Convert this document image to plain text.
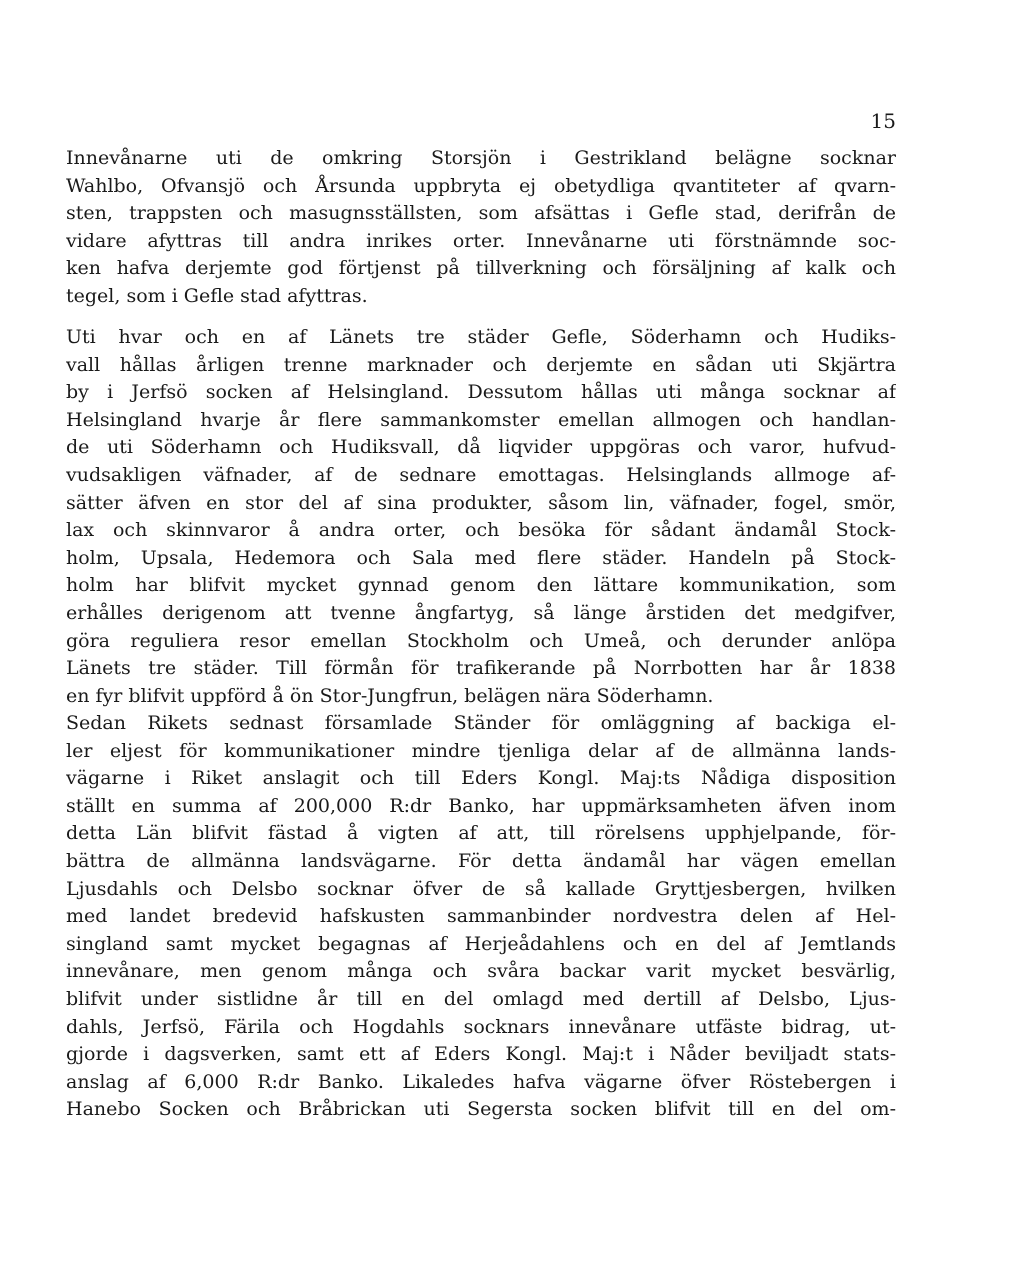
15
Innevånarne uti de omkring Storsjön i Gestrikland belägne socknar
Wahlbo, Ofvansjö och Årsunda uppbryta ej obetydliga qvantiteter af qvarn-
sten, trappsten och masugnsställsten, som afsättas i Gefle stad, derifrån de
vidare afyttras till andra inrikes orter. Innevånarne uti förstnämnde soc-
ken hafva derjemte god förtjenst på tillverkning och försäljning af kalk och
tegel, som i Gefle stad afyttras.
Uti hvar och en af Länets tre städer Gefle, Söderhamn och Hudiks-
vall hållas årligen trenne marknader och derjemte en sådan uti Skjärtra
by i Jerfsö socken af Helsingland. Dessutom hållas uti många socknar af
Helsingland hvarje år flere sammankomster emellan allmogen och handlan-
de uti Söderhamn och Hudiksvall, då liqvider uppgöras och varor, hufvud-
vudsakligen väfnader, af de sednare emottagas. Helsinglands allmoge af-
sätter äfven en stor del af sina produkter, såsom lin, väfnader, fogel, smör,
lax och skinnvaror å andra orter, och besöka för sådant ändamål Stock-
holm, Upsala, Hedemora och Sala med flere städer. Handeln på Stock-
holm har blifvit mycket gynnad genom den lättare kommunikation, som
erhålles derigenom att tvenne ångfartyg, så länge årstiden det medgifver,
göra reguliera resor emellan Stockholm och Umeå, och derunder anlöpa
Länets tre städer. Till förmån för trafikerande på Norrbotten har år 1838
en fyr blifvit uppförd å ön Stor-Jungfrun, belägen nära Söderhamn.
Sedan Rikets sednast församlade Ständer för omläggning af backiga el-
ler eljest för kommunikationer mindre tjenliga delar af de allmänna lands-
vägarne i Riket anslagit och till Eders Kongl. Maj:ts Nådiga disposition
ställt en summa af 200,000 R:dr Banko, har uppmärksamheten äfven inom
detta Län blifvit fästad å vigten af att, till rörelsens upphjelpande, för-
bättra de allmänna landsvägarne. För detta ändamål har vägen emellan
Ljusdahls och Delsbo socknar öfver de så kallade Gryttjesbergen, hvilken
med landet bredevid hafskusten sammanbinder nordvestra delen af Hel-
singland samt mycket begagnas af Herjeådahlens och en del af Jemtlands
innevånare, men genom många och svåra backar varit mycket besvärlig,
blifvit under sistlidne år till en del omlagd med dertill af Delsbo, Ljus-
dahls, Jerfsö, Färila och Hogdahls socknars innevånare utfäste bidrag, ut-
gjorde i dagsverken, samt ett af Eders Kongl. Maj:t i Nåder beviljadt stats-
anslag af 6,000 R:dr Banko. Likaledes hafva vägarne öfver Röstebergen i
Hanebo Socken och Bråbrickan uti Segersta socken blifvit till en del om-
